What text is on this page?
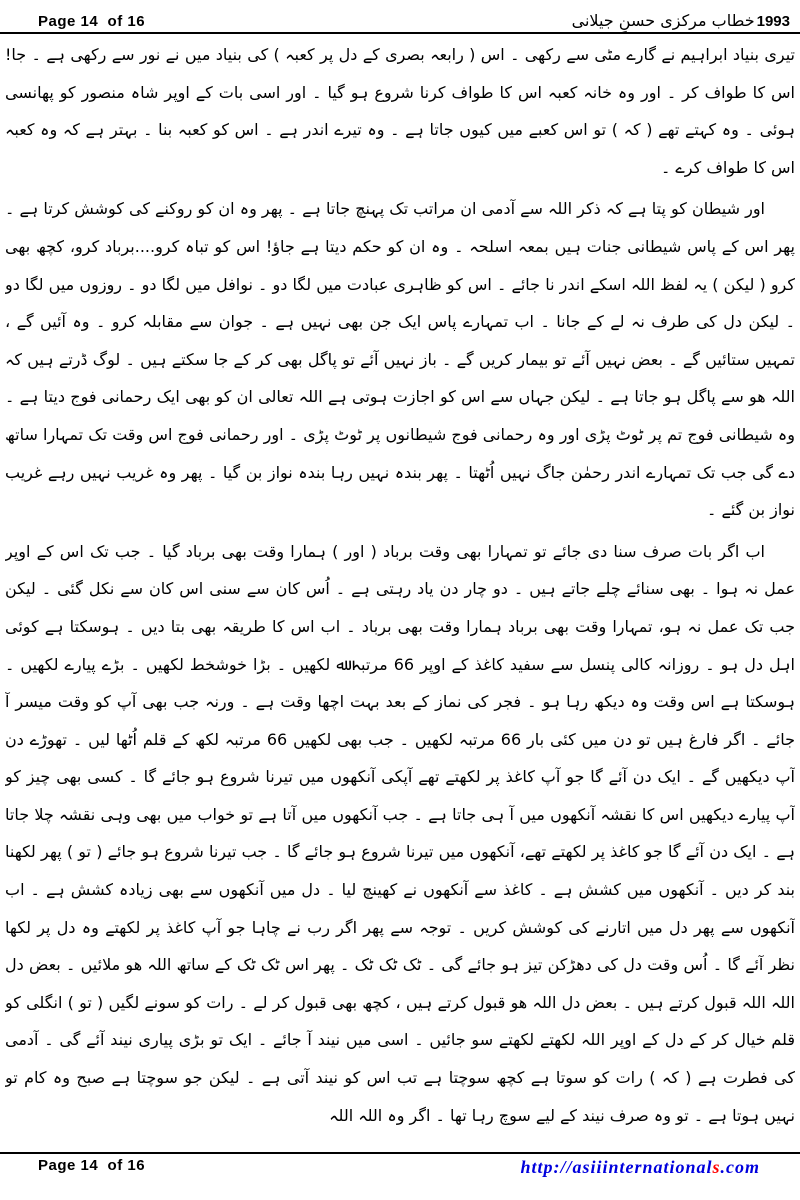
Page 14  of 16	خطاب مرکزی حسنِ جیلانی 1993

تیری بنیاد ابراہیم نے گارے مٹی سے رکھی ۔ اس ( رابعہ بصری کے دل پر کعبہ ) کی بنیاد میں نے نور سے رکھی ہے ۔ جا! اس کا طواف کر ۔ اور وہ خانہ کعبہ اس کا طواف کرنا شروع ہو گیا ۔ اور اسی بات کے اوپر شاہ منصور کو پھانسی ہوئی ۔ وہ کہتے تھے ( کہ ) تو اس کعبے میں کیوں جاتا ہے ۔ وہ تیرے اندر ہے ۔ اس کو کعبہ بنا ۔ بہتر ہے کہ وہ کعبہ اس کا طواف کرے ۔

اور شیطان کو پتا ہے کہ ذکر اللہ سے آدمی ان مراتب تک پہنچ جاتا ہے ۔ پھر وہ ان کو روکنے کی کوشش کرتا ہے ۔ پھر اس کے پاس شیطانی جنات ہیں بمعہ اسلحہ ۔ وہ ان کو حکم دیتا ہے جاؤ! اس کو تباہ کرو....برباد کرو، کچھ بھی کرو ( لیکن ) یہ لفظ اللہ اسکے اندر نا جائے ۔ اس کو ظاہری عبادت میں لگا دو ۔ نوافل میں لگا دو ۔ روزوں میں لگا دو ۔ لیکن دل کی طرف نہ لے کے جانا ۔ اب تمہارے پاس ایک جن بھی نہیں ہے ۔ جوان سے مقابلہ کرو ۔ وہ آئیں گے ، تمہیں ستائیں گے ۔ بعض نہیں آئے تو بیمار کریں گے ۔ باز نہیں آئے تو پاگل بھی کر کے جا سکتے ہیں ۔ لوگ ڈرتے ہیں کہ اللہ ھو سے پاگل ہو جاتا ہے ۔ لیکن جہاں سے اس کو اجازت ہوتی ہے اللہ تعالی ان کو بھی ایک رحمانی فوج دیتا ہے ۔ وہ شیطانی فوج تم پر ٹوٹ پڑی اور وہ رحمانی فوج شیطانوں پر ٹوٹ پڑی ۔ اور رحمانی فوج اس وقت تک تمہارا ساتھ دے گی جب تک تمہارے اندر رحمٰن جاگ نہیں اُٹھتا ۔ پھر بندہ نہیں رہا بندہ نواز بن گیا ۔ پھر وہ غریب نہیں رہے غریب نواز بن گئے ۔

اب اگر بات صرف سنا دی جائے تو تمہارا بھی وقت برباد ( اور ) ہمارا وقت بھی برباد گیا ۔ جب تک اس کے اوپر عمل نہ ہوا ۔ بھی سنائے چلے جاتے ہیں ۔ دو چار دن یاد رہتی ہے ۔ اُس کان سے سنی اس کان سے نکل گئی ۔ لیکن جب تک عمل نہ ہو، تمہارا وقت بھی برباد ہمارا وقت بھی برباد ۔ اب اس کا طریقہ بھی بتا دیں ۔ ہوسکتا ہے کوئی اہل دل ہو ۔ روزانہ کالی پنسل سے سفید کاغذ کے اوپر 66 مرتبہ ﷲ لکھیں ۔ بڑا خوشخط لکھیں ۔ بڑے پیارے لکھیں ۔ ہوسکتا ہے اس وقت وہ دیکھ رہا ہو ۔ فجر کی نماز کے بعد بہت اچھا وقت ہے ۔ ورنہ جب بھی آپ کو وقت میسر آ جائے ۔ اگر فارغ ہیں تو دن میں کئی بار 66 مرتبہ لکھیں ۔ جب بھی لکھیں 66 مرتبہ لکھ کے قلم اُٹھا لیں ۔ تھوڑے دن آپ دیکھیں گے ۔ ایک دن آئے گا جو آپ کاغذ پر لکھتے تھے آپکی آنکھوں میں تیرنا شروع ہو جائے گا ۔ کسی بھی چیز کو آپ پیارے دیکھیں اس کا نقشہ آنکھوں میں آ ہی جاتا ہے ۔ جب آنکھوں میں آتا ہے تو خواب میں بھی وہی نقشہ چلا جاتا ہے ۔ ایک دن آئے گا جو کاغذ پر لکھتے تھے، آنکھوں میں تیرنا شروع ہو جائے گا ۔ جب تیرنا شروع ہو جائے ( تو ) پھر لکھنا بند کر دیں ۔ آنکھوں میں کشش ہے ۔ کاغذ سے آنکھوں نے کھینچ لیا ۔ دل میں آنکھوں سے بھی زیادہ کشش ہے ۔ اب آنکھوں سے پھر دل میں اتارنے کی کوشش کریں ۔ توجہ سے پھر اگر رب نے چاہا جو آپ کاغذ پر لکھتے وہ دل پر لکھا نظر آئے گا ۔ اُس وقت دل کی دھڑکن تیز ہو جائے گی ۔ ٹک ٹک ٹک ۔ پھر اس ٹک ٹک کے ساتھ اللہ ھو ملائیں ۔ بعض دل اللہ اللہ قبول کرتے ہیں ۔ بعض دل اللہ ھو قبول کرتے ہیں ، کچھ بھی قبول کر لے ۔ رات کو سونے لگیں ( تو ) انگلی کو قلم خیال کر کے دل کے اوپر اللہ لکھتے لکھتے سو جائیں ۔ اسی میں نیند آ جائے ۔ ایک تو بڑی پیاری نیند آئے گی ۔ آدمی کی فطرت ہے ( کہ ) رات کو سوتا ہے کچھ سوچتا ہے تب اس کو نیند آتی ہے ۔ لیکن جو سوچتا ہے صبح وہ کام تو نہیں ہوتا ہے ۔ تو وہ صرف نیند کے لیے سوچ رہا تھا ۔ اگر وہ اللہ اللہ

Page 14  of 16	http://asiiinternationals.com
